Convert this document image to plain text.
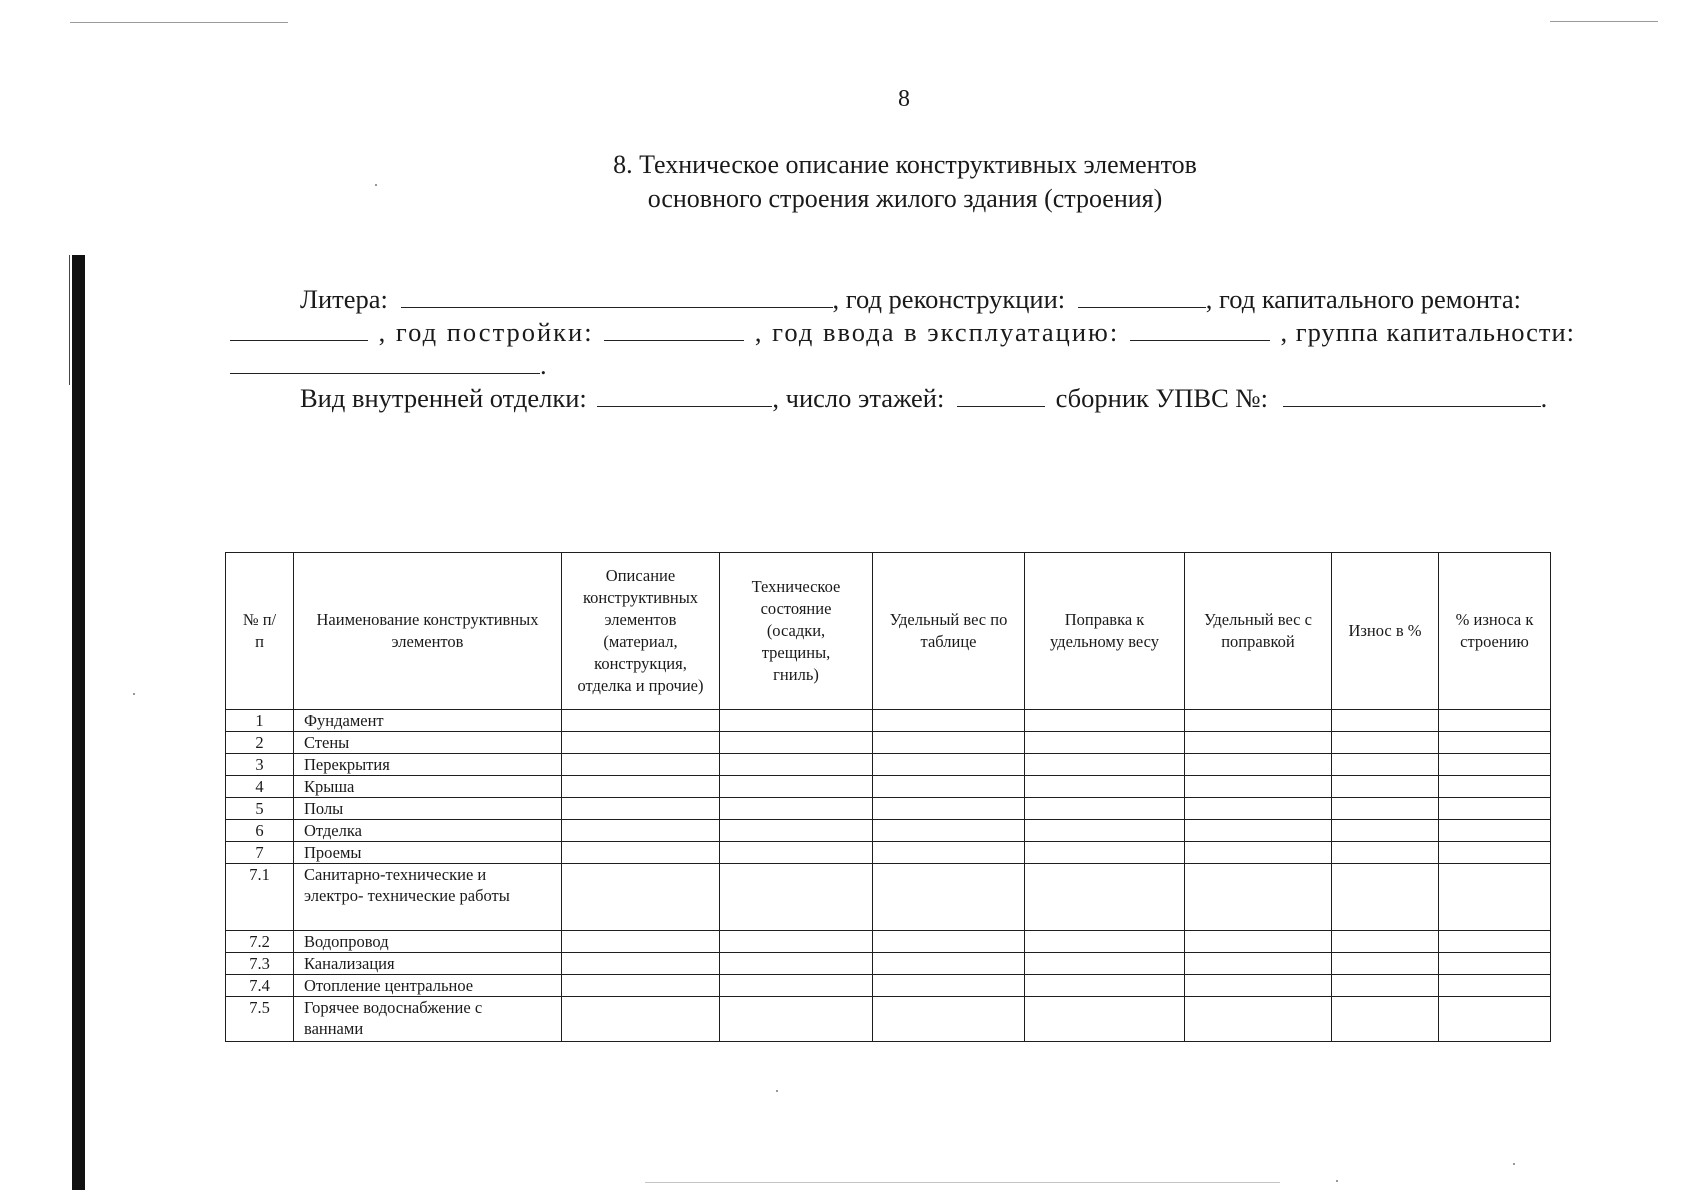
8
8. Техническое описание конструктивных элементов
основного строения жилого здания (строения)
Литера:	, год реконструкции:	, год капитального ремонта:
, год постройки:	, год ввода в эксплуатацию:	, группа капитальности:
.
Вид внутренней отделки:	, число этажей:	сборник УПВС №:	.
№ п/п	Наименование конструктивных элементов	Описание конструктивных элементов (материал, конструкция, отделка и прочие)	Техническое состояние (осадки, трещины, гниль)	Удельный вес по таблице	Поправка к удельному весу	Удельный вес с поправкой	Износ в %	% износа к строению
1	Фундамент							
2	Стены							
3	Перекрытия							
4	Крыша							
5	Полы							
6	Отделка							
7	Проемы							
7.1	Санитарно-технические и электро- технические работы							
7.2	Водопровод							
7.3	Канализация							
7.4	Отопление центральное							
7.5	Горячее водоснабжение с ваннами							
